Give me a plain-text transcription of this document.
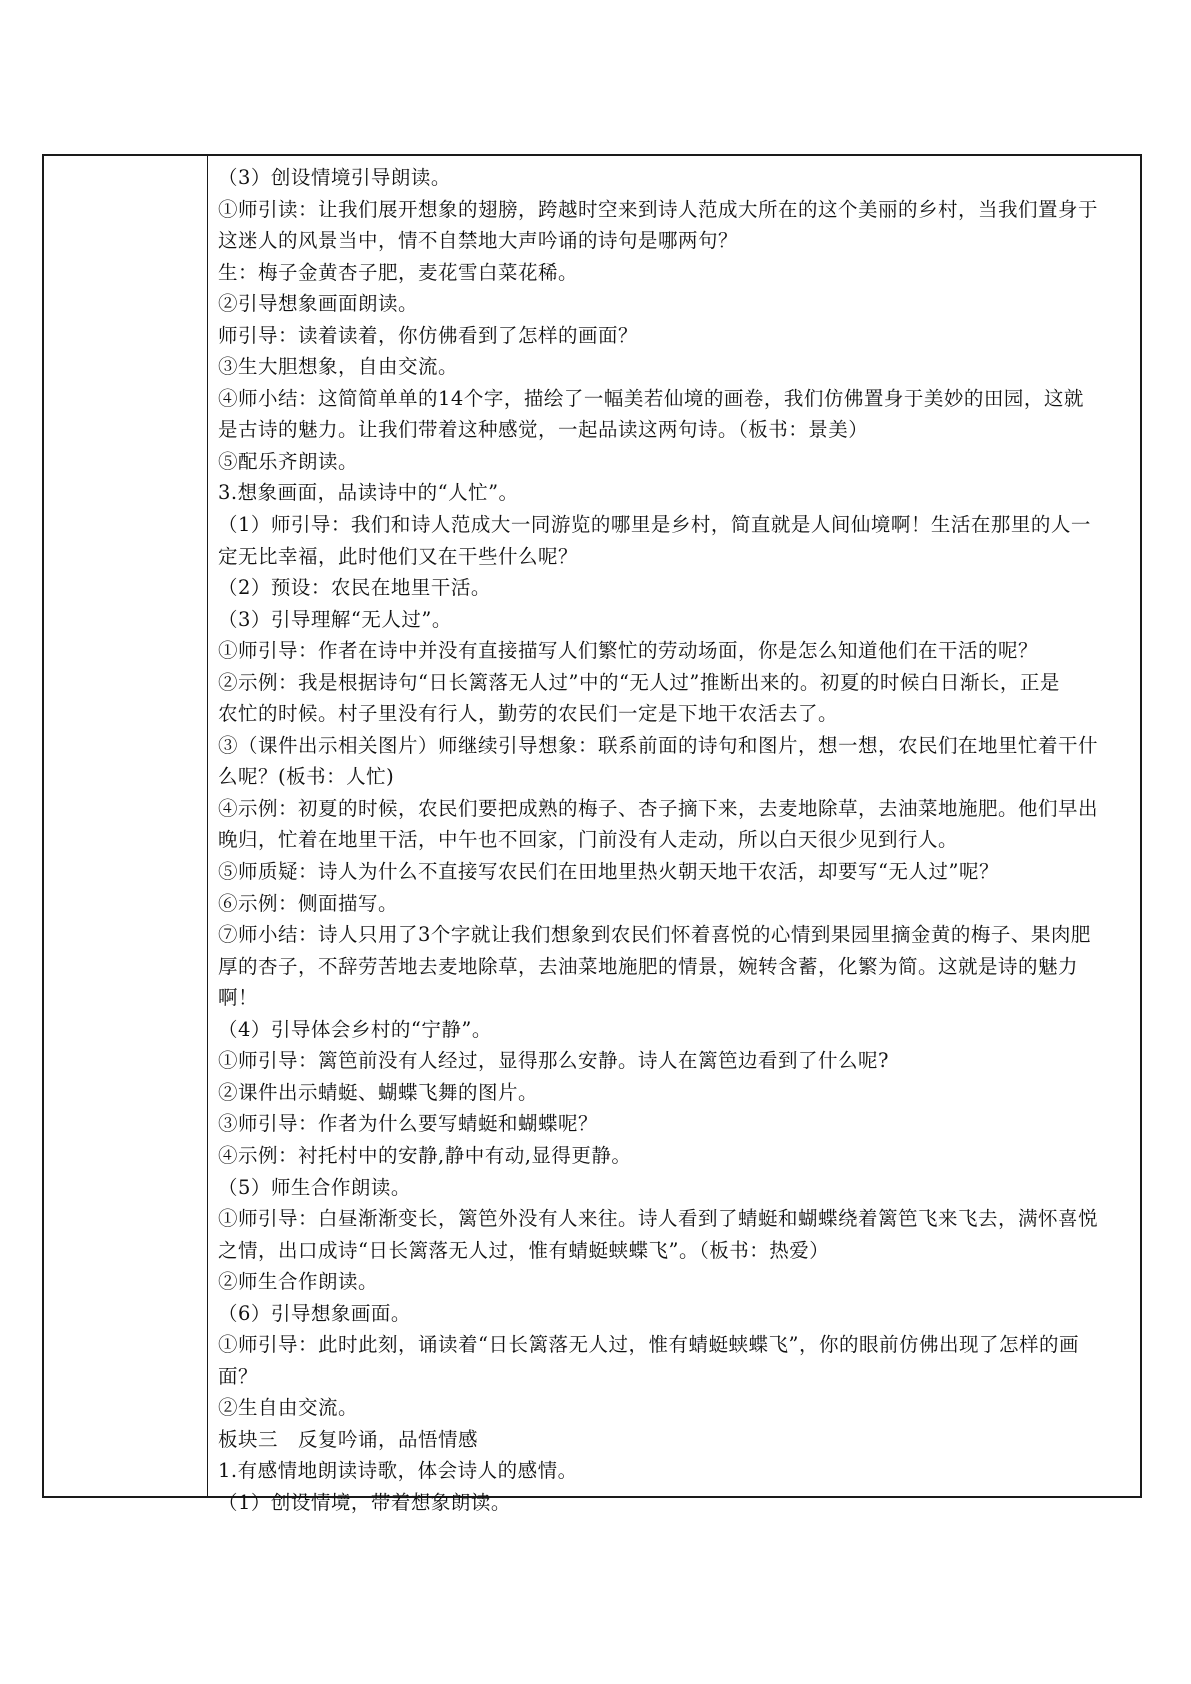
（3）创设情境引导朗读。

①师引读：让我们展开想象的翅膀，跨越时空来到诗人范成大所在的这个美丽的乡村，当我们置身于

这迷人的风景当中，情不自禁地大声吟诵的诗句是哪两句？

生：梅子金黄杏子肥，麦花雪白菜花稀。

②引导想象画面朗读。

师引导：读着读着，你仿佛看到了怎样的画面？

③生大胆想象，自由交流。

④师小结：这简简单单的14个字，描绘了一幅美若仙境的画卷，我们仿佛置身于美妙的田园，这就

是古诗的魅力。让我们带着这种感觉，一起品读这两句诗。（板书：景美）

⑤配乐齐朗读。

3.想象画面，品读诗中的“人忙”。

（1）师引导：我们和诗人范成大一同游览的哪里是乡村，简直就是人间仙境啊！生活在那里的人一

定无比幸福，此时他们又在干些什么呢？

（2）预设：农民在地里干活。

（3）引导理解“无人过”。

①师引导：作者在诗中并没有直接描写人们繁忙的劳动场面，你是怎么知道他们在干活的呢？

②示例：我是根据诗句“日长篱落无人过”中的“无人过”推断出来的。初夏的时候白日渐长，正是

农忙的时候。村子里没有行人，勤劳的农民们一定是下地干农活去了。

③（课件出示相关图片）师继续引导想象：联系前面的诗句和图片，想一想，农民们在地里忙着干什

么呢？(板书：人忙)

④示例：初夏的时候，农民们要把成熟的梅子、杏子摘下来，去麦地除草，去油菜地施肥。他们早出

晚归，忙着在地里干活，中午也不回家，门前没有人走动，所以白天很少见到行人。

⑤师质疑：诗人为什么不直接写农民们在田地里热火朝天地干农活，却要写“无人过”呢？

⑥示例：侧面描写。

⑦师小结：诗人只用了3个字就让我们想象到农民们怀着喜悦的心情到果园里摘金黄的梅子、果肉肥

厚的杏子，不辞劳苦地去麦地除草，去油菜地施肥的情景，婉转含蓄，化繁为简。这就是诗的魅力

啊！

（4）引导体会乡村的“宁静”。

①师引导：篱笆前没有人经过，显得那么安静。诗人在篱笆边看到了什么呢?

②课件出示蜻蜓、蝴蝶飞舞的图片。

③师引导：作者为什么要写蜻蜓和蝴蝶呢？

④示例：衬托村中的安静,静中有动,显得更静。

（5）师生合作朗读。

①师引导：白昼渐渐变长，篱笆外没有人来往。诗人看到了蜻蜓和蝴蝶绕着篱笆飞来飞去，满怀喜悦

之情，出口成诗“日长篱落无人过，惟有蜻蜓蛱蝶飞”。（板书：热爱）

②师生合作朗读。

（6）引导想象画面。

①师引导：此时此刻，诵读着“日长篱落无人过，惟有蜻蜓蛱蝶飞”，你的眼前仿佛出现了怎样的画

面？

②生自由交流。

板块三　反复吟诵，品悟情感

1.有感情地朗读诗歌，体会诗人的感情。

（1）创设情境，带着想象朗读。
